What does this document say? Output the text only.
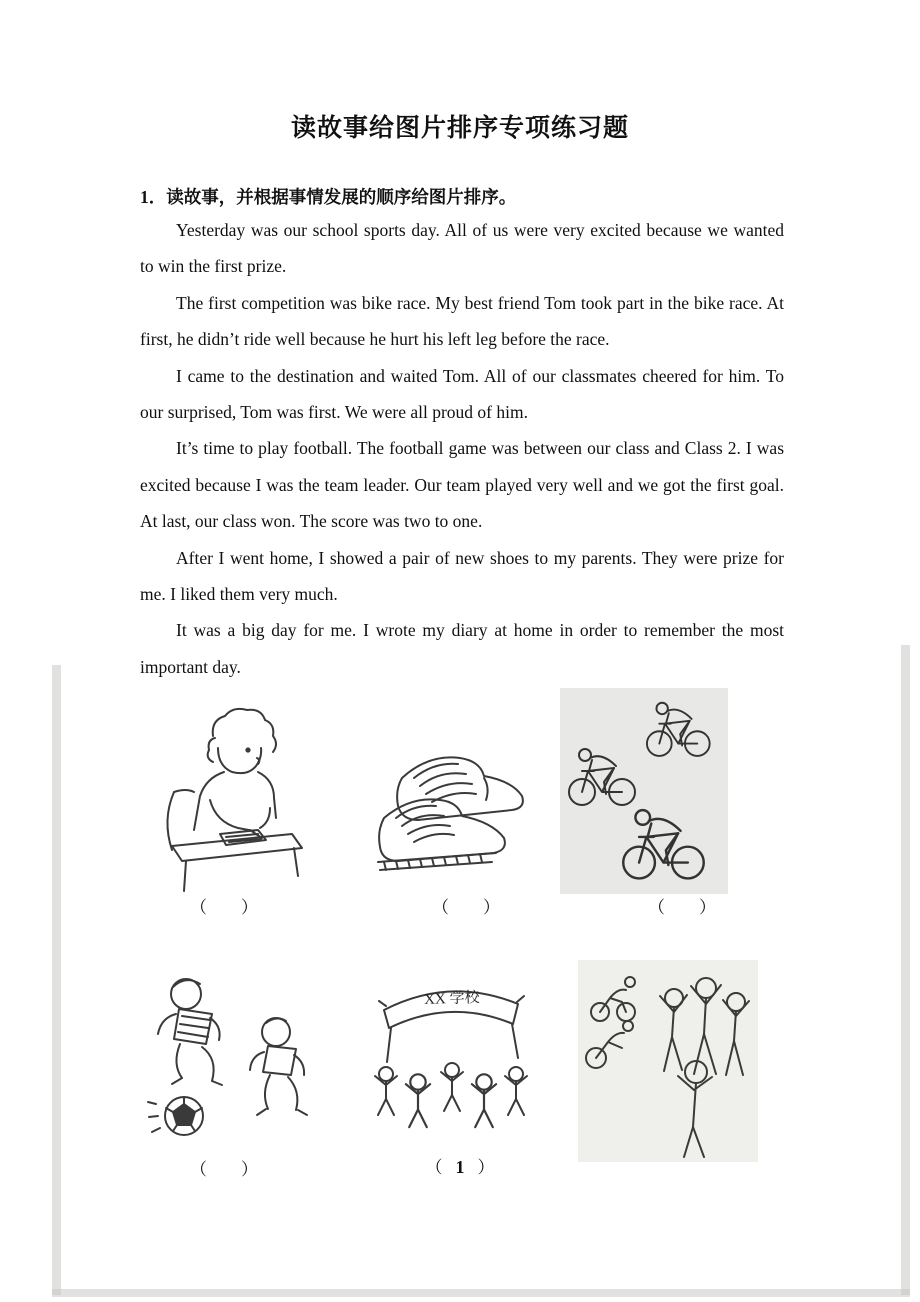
读故事给图片排序专项练习题
1．读故事，并根据事情发展的顺序给图片排序。

Yesterday was our school sports day. All of us were very excited because we wanted to win the first prize.

The first competition was bike race. My best friend Tom took part in the bike race. At first, he didn’t ride well because he hurt his left leg before the race.

I came to the destination and waited Tom. All of our classmates cheered for him. To our surprised, Tom was first. We were all proud of him.

It’s time to play football. The football game was between our class and Class 2. I was excited because I was the team leader. Our team played very well and we got the first goal. At last, our class won. The score was two to one.

After I went home, I showed a pair of new shoes to my parents. They were prize for me. I liked them very much.

It was a big day for me. I wrote my diary at home in order to remember the most important day.

（  ）	（  ）	（  ）
XX 学校
（  ）	（ 1 ）
